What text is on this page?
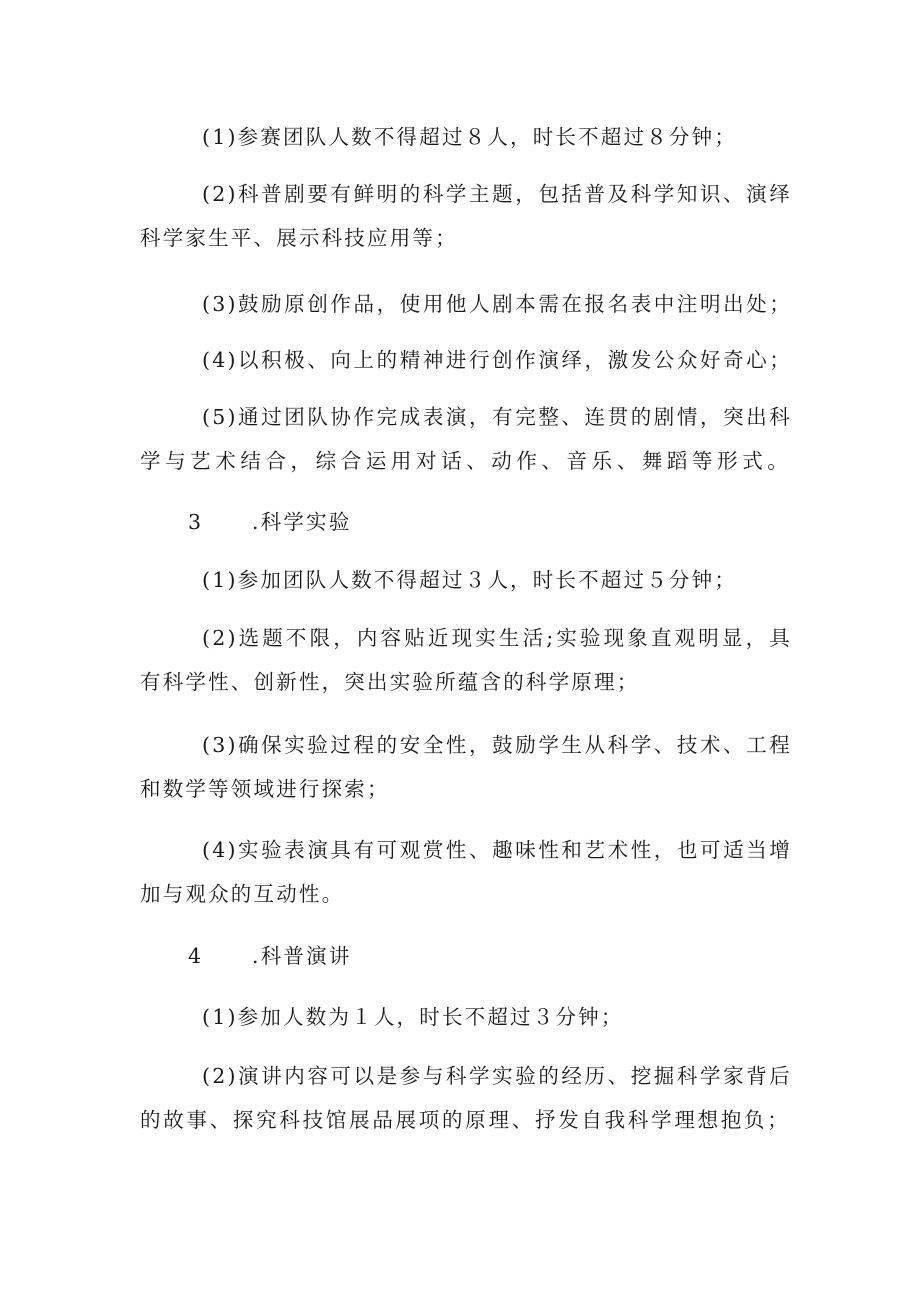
(1)参赛团队人数不得超过８人，时长不超过８分钟；
(2)科普剧要有鲜明的科学主题，包括普及科学知识、演绎
科学家生平、展示科技应用等；
(3)鼓励原创作品，使用他人剧本需在报名表中注明出处；
(4)以积极、向上的精神进行创作演绎，激发公众好奇心；
(5)通过团队协作完成表演，有完整、连贯的剧情，突出科
学与艺术结合，综合运用对话、动作、音乐、舞蹈等形式。
3 .科学实验
(1)参加团队人数不得超过３人，时长不超过５分钟；
(2)选题不限，内容贴近现实生活;实验现象直观明显，具
有科学性、创新性，突出实验所蕴含的科学原理；
(3)确保实验过程的安全性，鼓励学生从科学、技术、工程
和数学等领域进行探索；
(4)实验表演具有可观赏性、趣味性和艺术性，也可适当增
加与观众的互动性。
4 .科普演讲
(1)参加人数为１人，时长不超过３分钟；
(2)演讲内容可以是参与科学实验的经历、挖掘科学家背后
的故事、探究科技馆展品展项的原理、抒发自我科学理想抱负；
